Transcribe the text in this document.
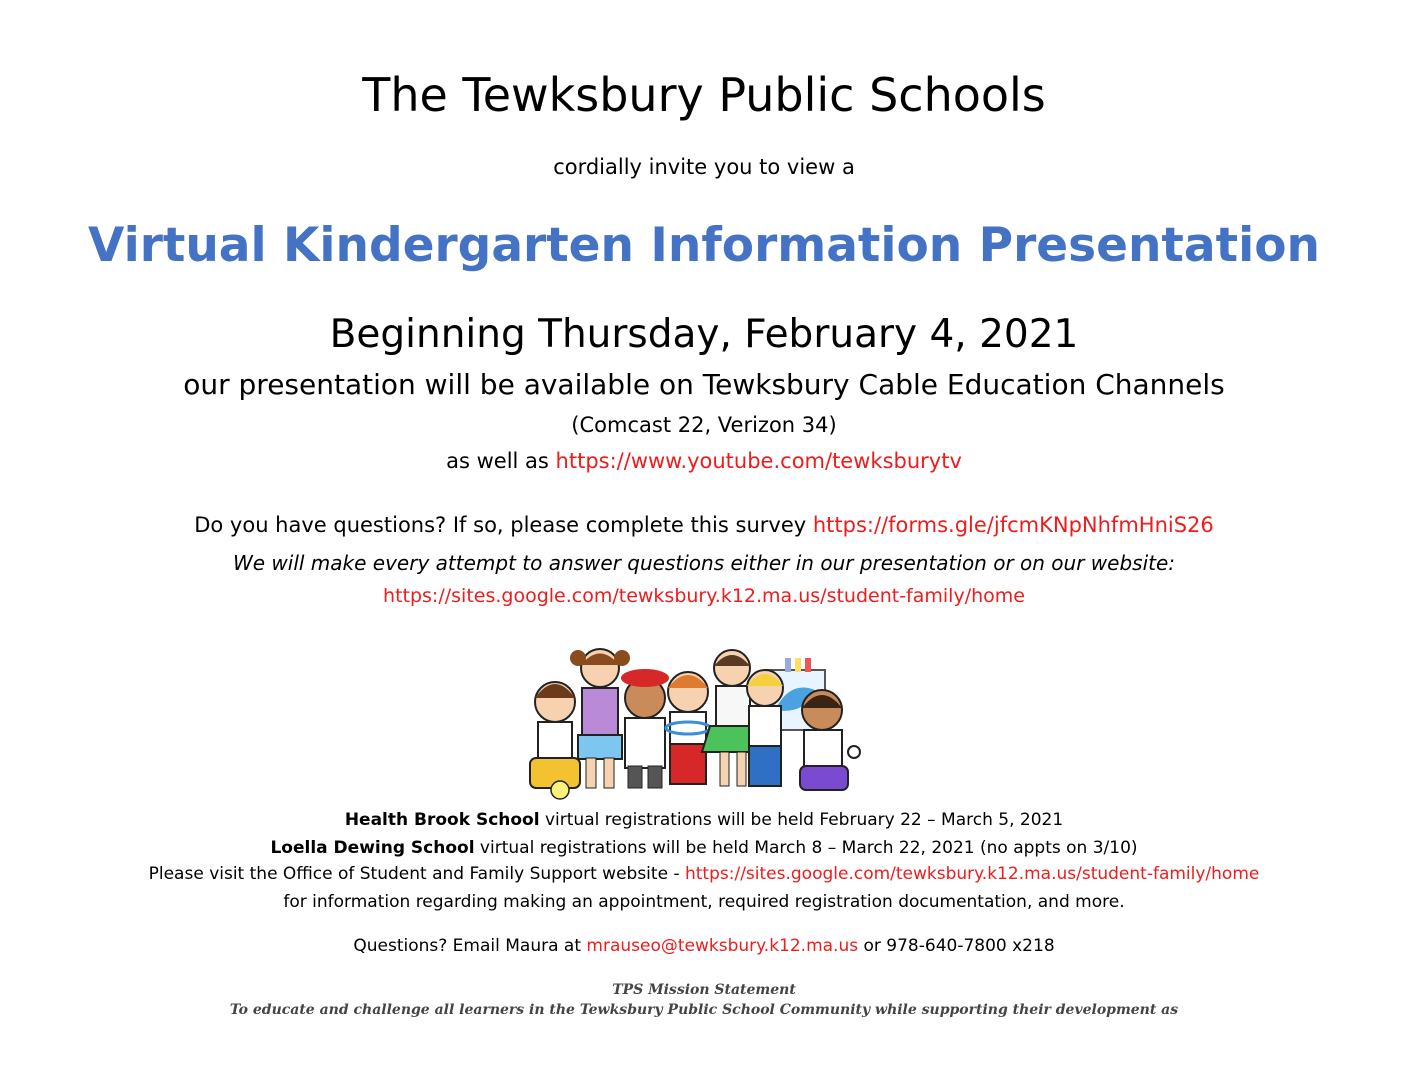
The Tewksbury Public Schools
cordially invite you to view a
Virtual Kindergarten Information Presentation
Beginning Thursday, February 4, 2021
our presentation will be available on Tewksbury Cable Education Channels
(Comcast 22, Verizon 34)
as well as https://www.youtube.com/tewksburytv
Do you have questions? If so, please complete this survey https://forms.gle/jfcmKNpNhfmHniS26
We will make every attempt to answer questions either in our presentation or on our website:
https://sites.google.com/tewksbury.k12.ma.us/student-family/home
Health Brook School virtual registrations will be held February 22 – March 5, 2021
Loella Dewing School virtual registrations will be held March 8 – March 22, 2021 (no appts on 3/10)
Please visit the Office of Student and Family Support website - https://sites.google.com/tewksbury.k12.ma.us/student-family/home
for information regarding making an appointment, required registration documentation, and more.
Questions? Email Maura at mrauseo@tewksbury.k12.ma.us or 978-640-7800 x218
TPS Mission Statement
To educate and challenge all learners in the Tewksbury Public School Community while supporting their development as
